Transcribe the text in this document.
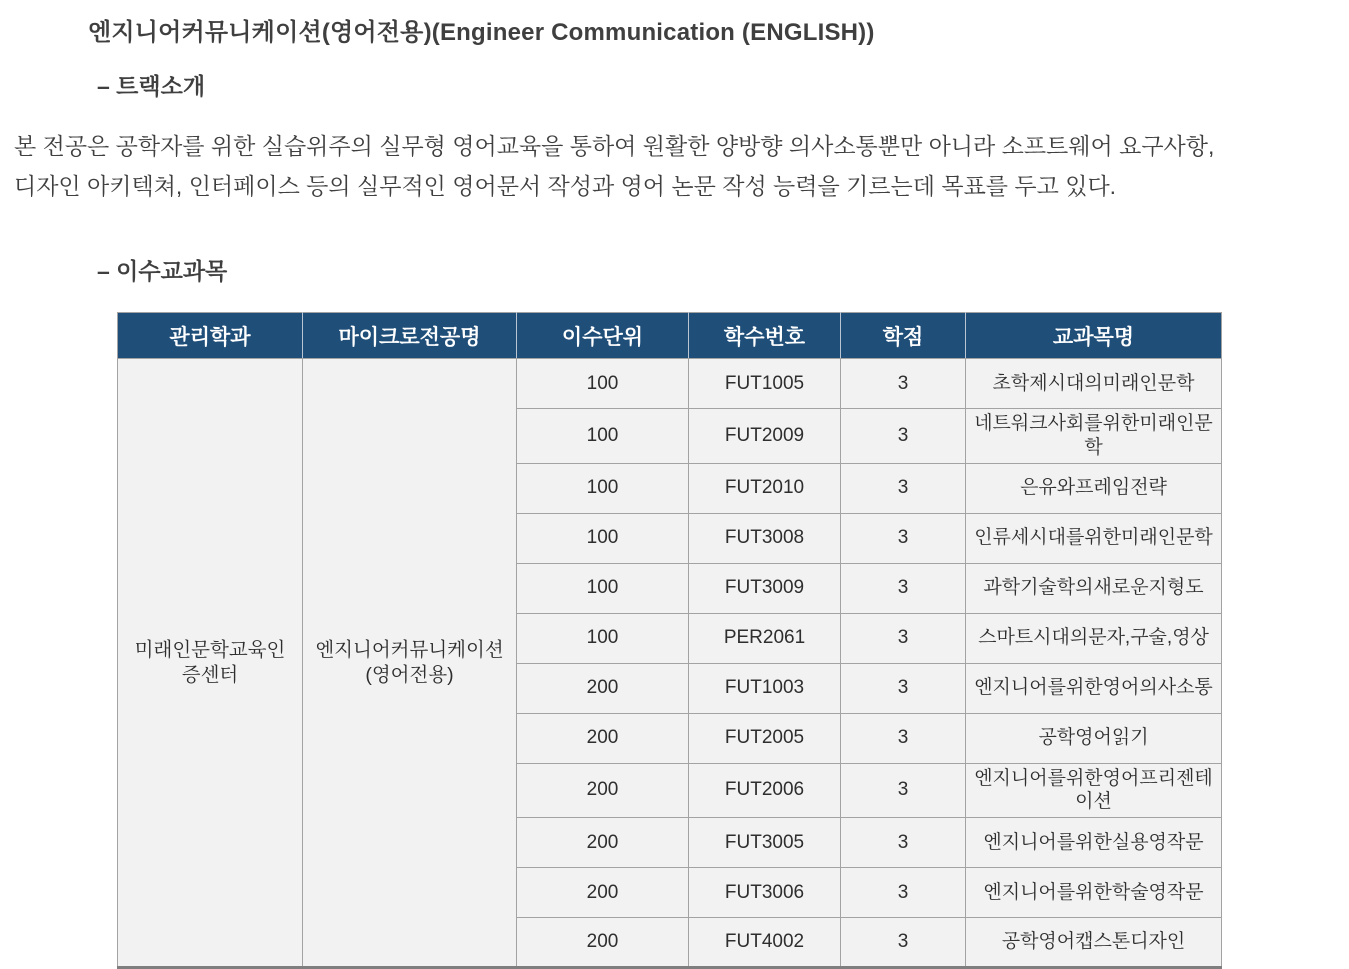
엔지니어커뮤니케이션(영어전용)(Engineer Communication (ENGLISH))
– 트랙소개
본 전공은 공학자를 위한 실습위주의 실무형 영어교육을 통하여 원활한 양방향 의사소통뿐만 아니라 소프트웨어 요구사항,
디자인 아키텍쳐, 인터페이스 등의 실무적인 영어문서 작성과 영어 논문 작성 능력을 기르는데 목표를 두고 있다.
– 이수교과목
관리학과	마이크로전공명	이수단위	학수번호	학점	교과목명
미래인문학교육인증센터	엔지니어커뮤니케이션(영어전용)	100	FUT1005	3	초학제시대의미래인문학
		100	FUT2009	3	네트워크사회를위한미래인문학
		100	FUT2010	3	은유와프레임전략
		100	FUT3008	3	인류세시대를위한미래인문학
		100	FUT3009	3	과학기술학의새로운지형도
		100	PER2061	3	스마트시대의문자,구술,영상
		200	FUT1003	3	엔지니어를위한영어의사소통
		200	FUT2005	3	공학영어읽기
		200	FUT2006	3	엔지니어를위한영어프리젠테이션
		200	FUT3005	3	엔지니어를위한실용영작문
		200	FUT3006	3	엔지니어를위한학술영작문
		200	FUT4002	3	공학영어캡스톤디자인
